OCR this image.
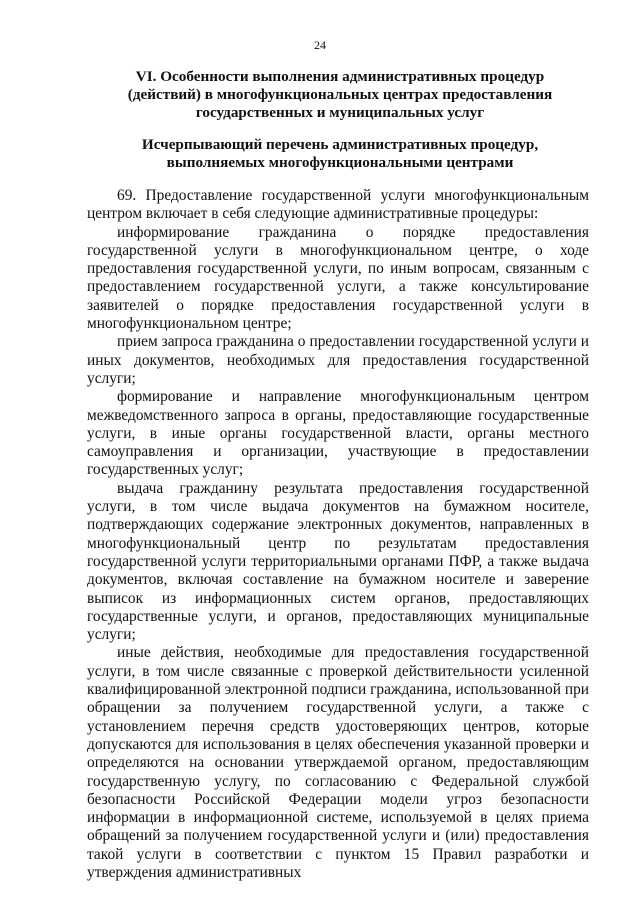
24
VI. Особенности выполнения административных процедур (действий) в многофункциональных центрах предоставления государственных и муниципальных услуг
Исчерпывающий перечень административных процедур, выполняемых многофункциональными центрами

69. Предоставление государственной услуги многофункциональным центром включает в себя следующие административные процедуры:

информирование гражданина о порядке предоставления государственной услуги в многофункциональном центре, о ходе предоставления государственной услуги, по иным вопросам, связанным с предоставлением государственной услуги, а также консультирование заявителей о порядке предоставления государственной услуги в многофункциональном центре;

прием запроса гражданина о предоставлении государственной услуги и иных документов, необходимых для предоставления государственной услуги;

формирование и направление многофункциональным центром межведомственного запроса в органы, предоставляющие государственные услуги, в иные органы государственной власти, органы местного самоуправления и организации, участвующие в предоставлении государственных услуг;

выдача гражданину результата предоставления государственной услуги, в том числе выдача документов на бумажном носителе, подтверждающих содержание электронных документов, направленных в многофункциональный центр по результатам предоставления государственной услуги территориальными органами ПФР, а также выдача документов, включая составление на бумажном носителе и заверение выписок из информационных систем органов, предоставляющих государственные услуги, и органов, предоставляющих муниципальные услуги;

иные действия, необходимые для предоставления государственной услуги, в том числе связанные с проверкой действительности усиленной квалифицированной электронной подписи гражданина, использованной при обращении за получением государственной услуги, а также с установлением перечня средств удостоверяющих центров, которые допускаются для использования в целях обеспечения указанной проверки и определяются на основании утверждаемой органом, предоставляющим государственную услугу, по согласованию с Федеральной службой безопасности Российской Федерации модели угроз безопасности информации в информационной системе, используемой в целях приема обращений за получением государственной услуги и (или) предоставления такой услуги в соответствии с пунктом 15 Правил разработки и утверждения административных
